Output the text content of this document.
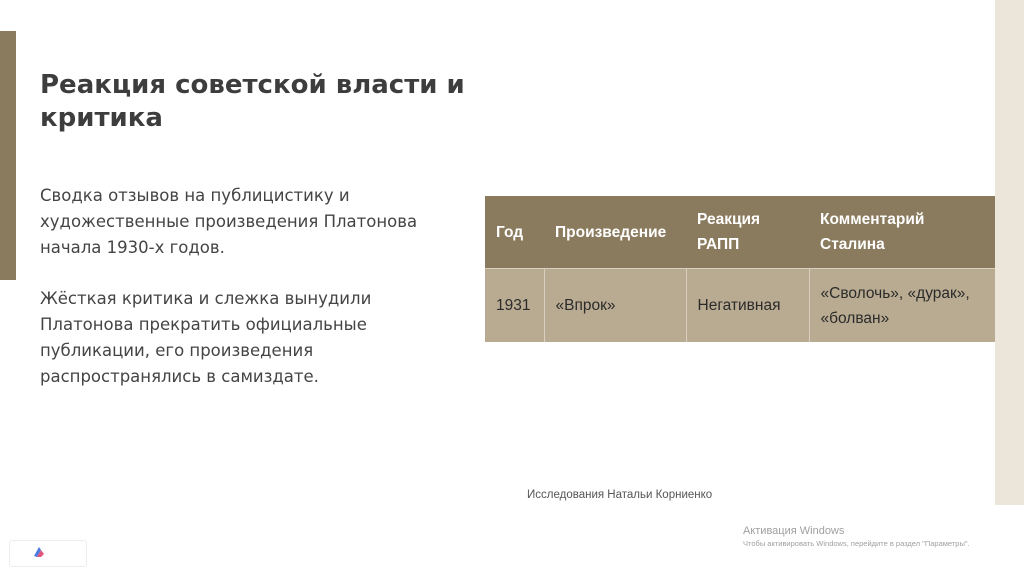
Реакция советской власти и критика

Сводка отзывов на публицистику и художественные произведения Платонова начала 1930-х годов.

Жёсткая критика и слежка вынудили Платонова прекратить официальные публикации, его произведения распространялись в самиздате.

Год	Произведение	Реакция РАПП	Комментарий Сталина
1931	«Впрок»	Негативная	«Сволочь», «дурак», «болван»
Исследования Натальи Корниенко
Активация Windows
Чтобы активировать Windows, перейдите в раздел "Параметры".
